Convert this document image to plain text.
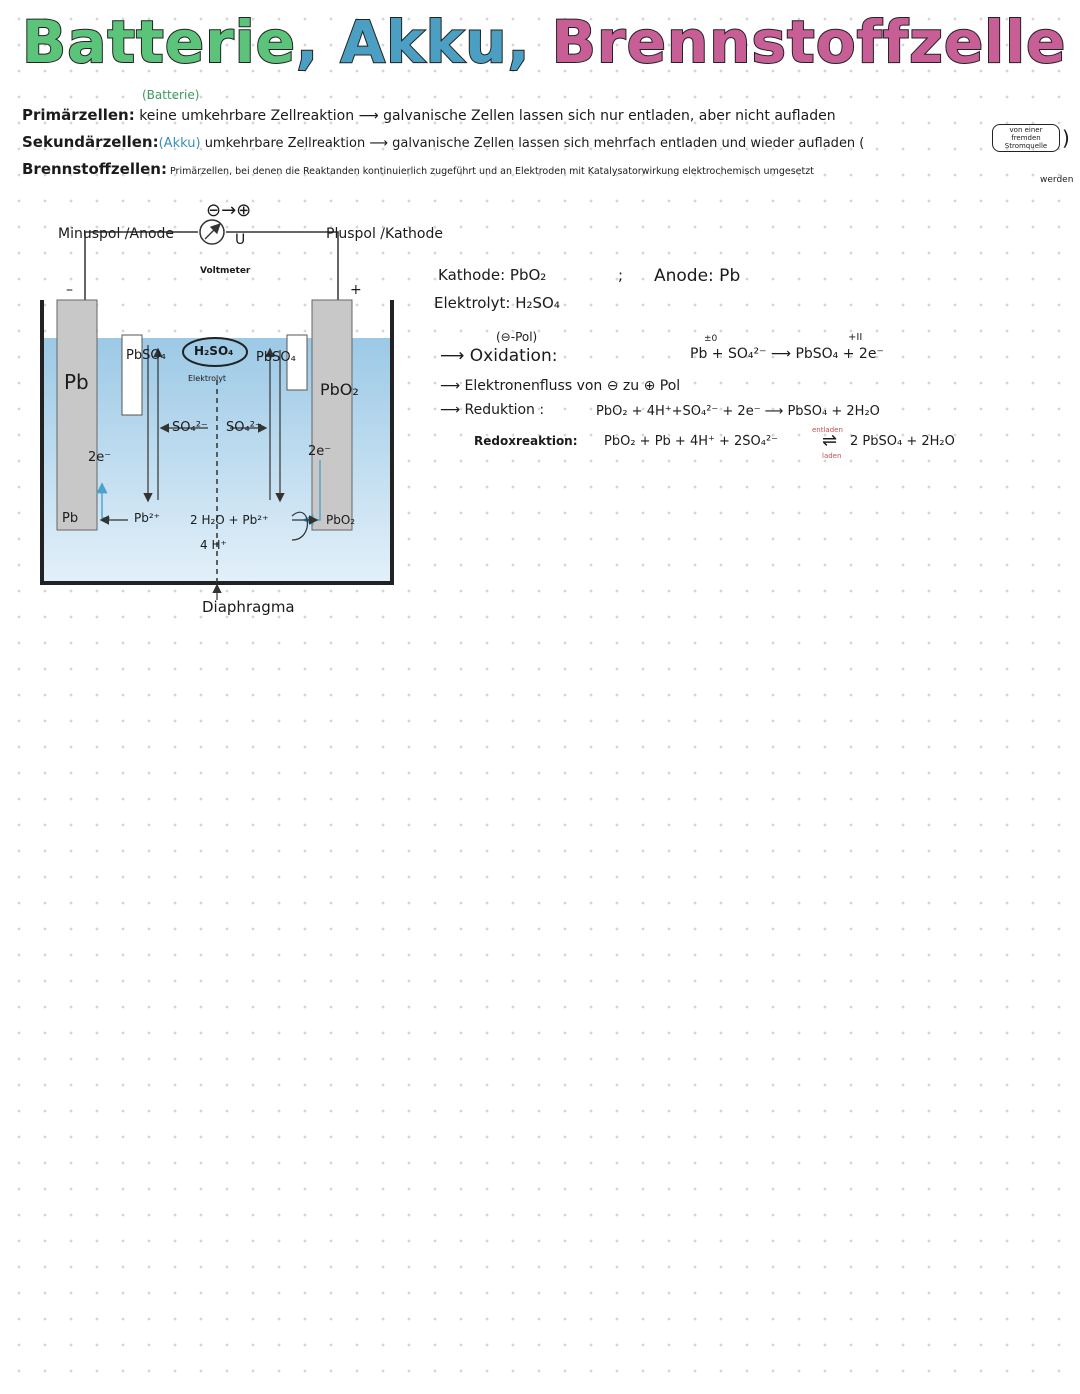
Batterie, Akku, Brennstoffzelle
(Batterie)
Primärzellen: keine umkehrbare Zellreaktion ⟶ galvanische Zellen lassen sich nur entladen, aber nicht aufladen
Sekundärzellen:(Akku) umkehrbare Zellreaktion ⟶ galvanische Zellen lassen sich mehrfach entladen und wieder aufladen (
von einer fremden Stromquelle )
Brennstoffzellen: Primärzellen, bei denen die Reaktanden kontinuierlich zugeführt und an Elektroden mit Katalysatorwirkung elektrochemisch umgesetzt
werden
⊖→⊕
U
Voltmeter
Minuspol /Anode	Pluspol /Kathode
–	+
Pb	PbO₂
PbSO₄	PbSO₄
H₂SO₄
Elektrolyt
SO₄²⁻ SO₄²⁻
2e⁻	2e⁻
Pb	Pb²⁺	2 H₂O + Pb²⁺
4 H⁺
PbO₂
Diaphragma
Kathode: PbO₂	; Anode: Pb
Elektrolyt: H₂SO₄
(⊖-Pol)
⟶ Oxidation:
±0	+II
Pb + SO₄²⁻ ⟶ PbSO₄ + 2e⁻
⟶ Elektronenfluss von ⊖ zu ⊕ Pol
⟶ Reduktion :	PbO₂ + 4H⁺+SO₄²⁻ + 2e⁻ ⟶ PbSO₄ + 2H₂O
Redoxreaktion: PbO₂ + Pb + 4H⁺ + 2SO₄²⁻ ⇌
entladen
laden
2 PbSO₄ + 2H₂O
